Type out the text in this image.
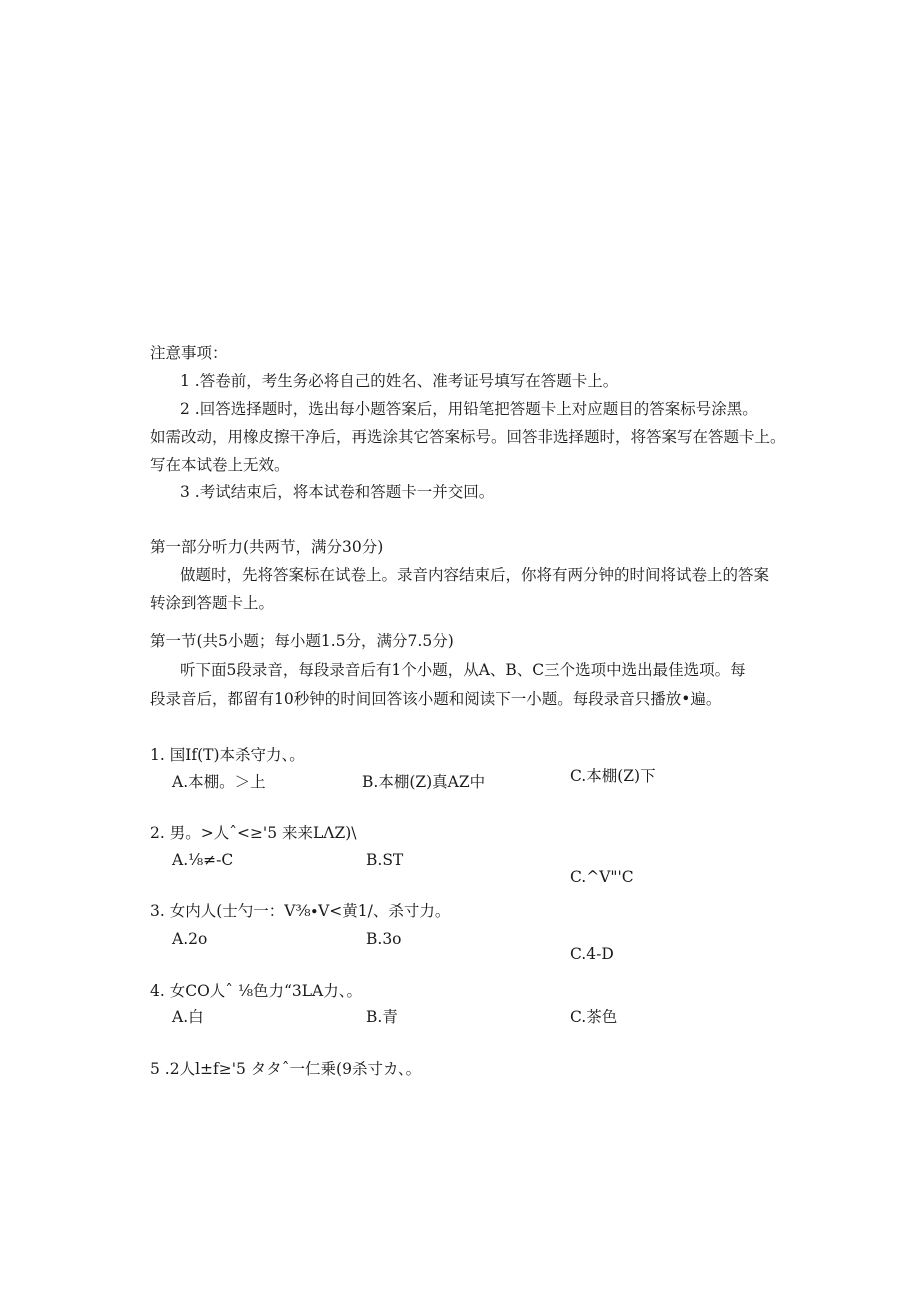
注意事项：
1 .答卷前，考生务必将自己的姓名、准考证号填写在答题卡上。
2 .回答选择题时，选出每小题答案后，用铅笔把答题卡上对应题目的答案标号涂黑。
如需改动，用橡皮擦干净后，再选涂其它答案标号。回答非选择题时，将答案写在答题卡上。
写在本试卷上无效。
3 .考试结束后，将本试卷和答题卡一并交回。
第一部分听力(共两节，满分30分)
做题时，先将答案标在试卷上。录音内容结束后，你将有两分钟的时间将试卷上的答案
转涂到答题卡上。
第一节(共5小题；每小题1.5分，满分7.5分)
听下面5段录音，每段录音后有1个小题，从A、B、C三个选项中选出最佳选项。每
段录音后，都留有10秒钟的时间回答该小题和阅读下一小题。每段录音只播放•遍。
1. 国If(T)本杀守力、。
A.本棚。＞上	B.本棚(Z)真AZ中	C.本棚(Z)下
2. 男。>人ˆ<≥'5 来来LΛZ)\
A.⅛≠-C	B.ST
C.^V"'C
3. 女内人(士勺一：V⅜∙V<黄1/、杀寸力。
A.2o	B.3o
C.4-D
4. 女CO人ˆ ⅛色力“3LA力、。
A.白	B.青	C.茶色
5 .2人l±f≥'5 タタˆ一仁乗(9杀寸カ、。
